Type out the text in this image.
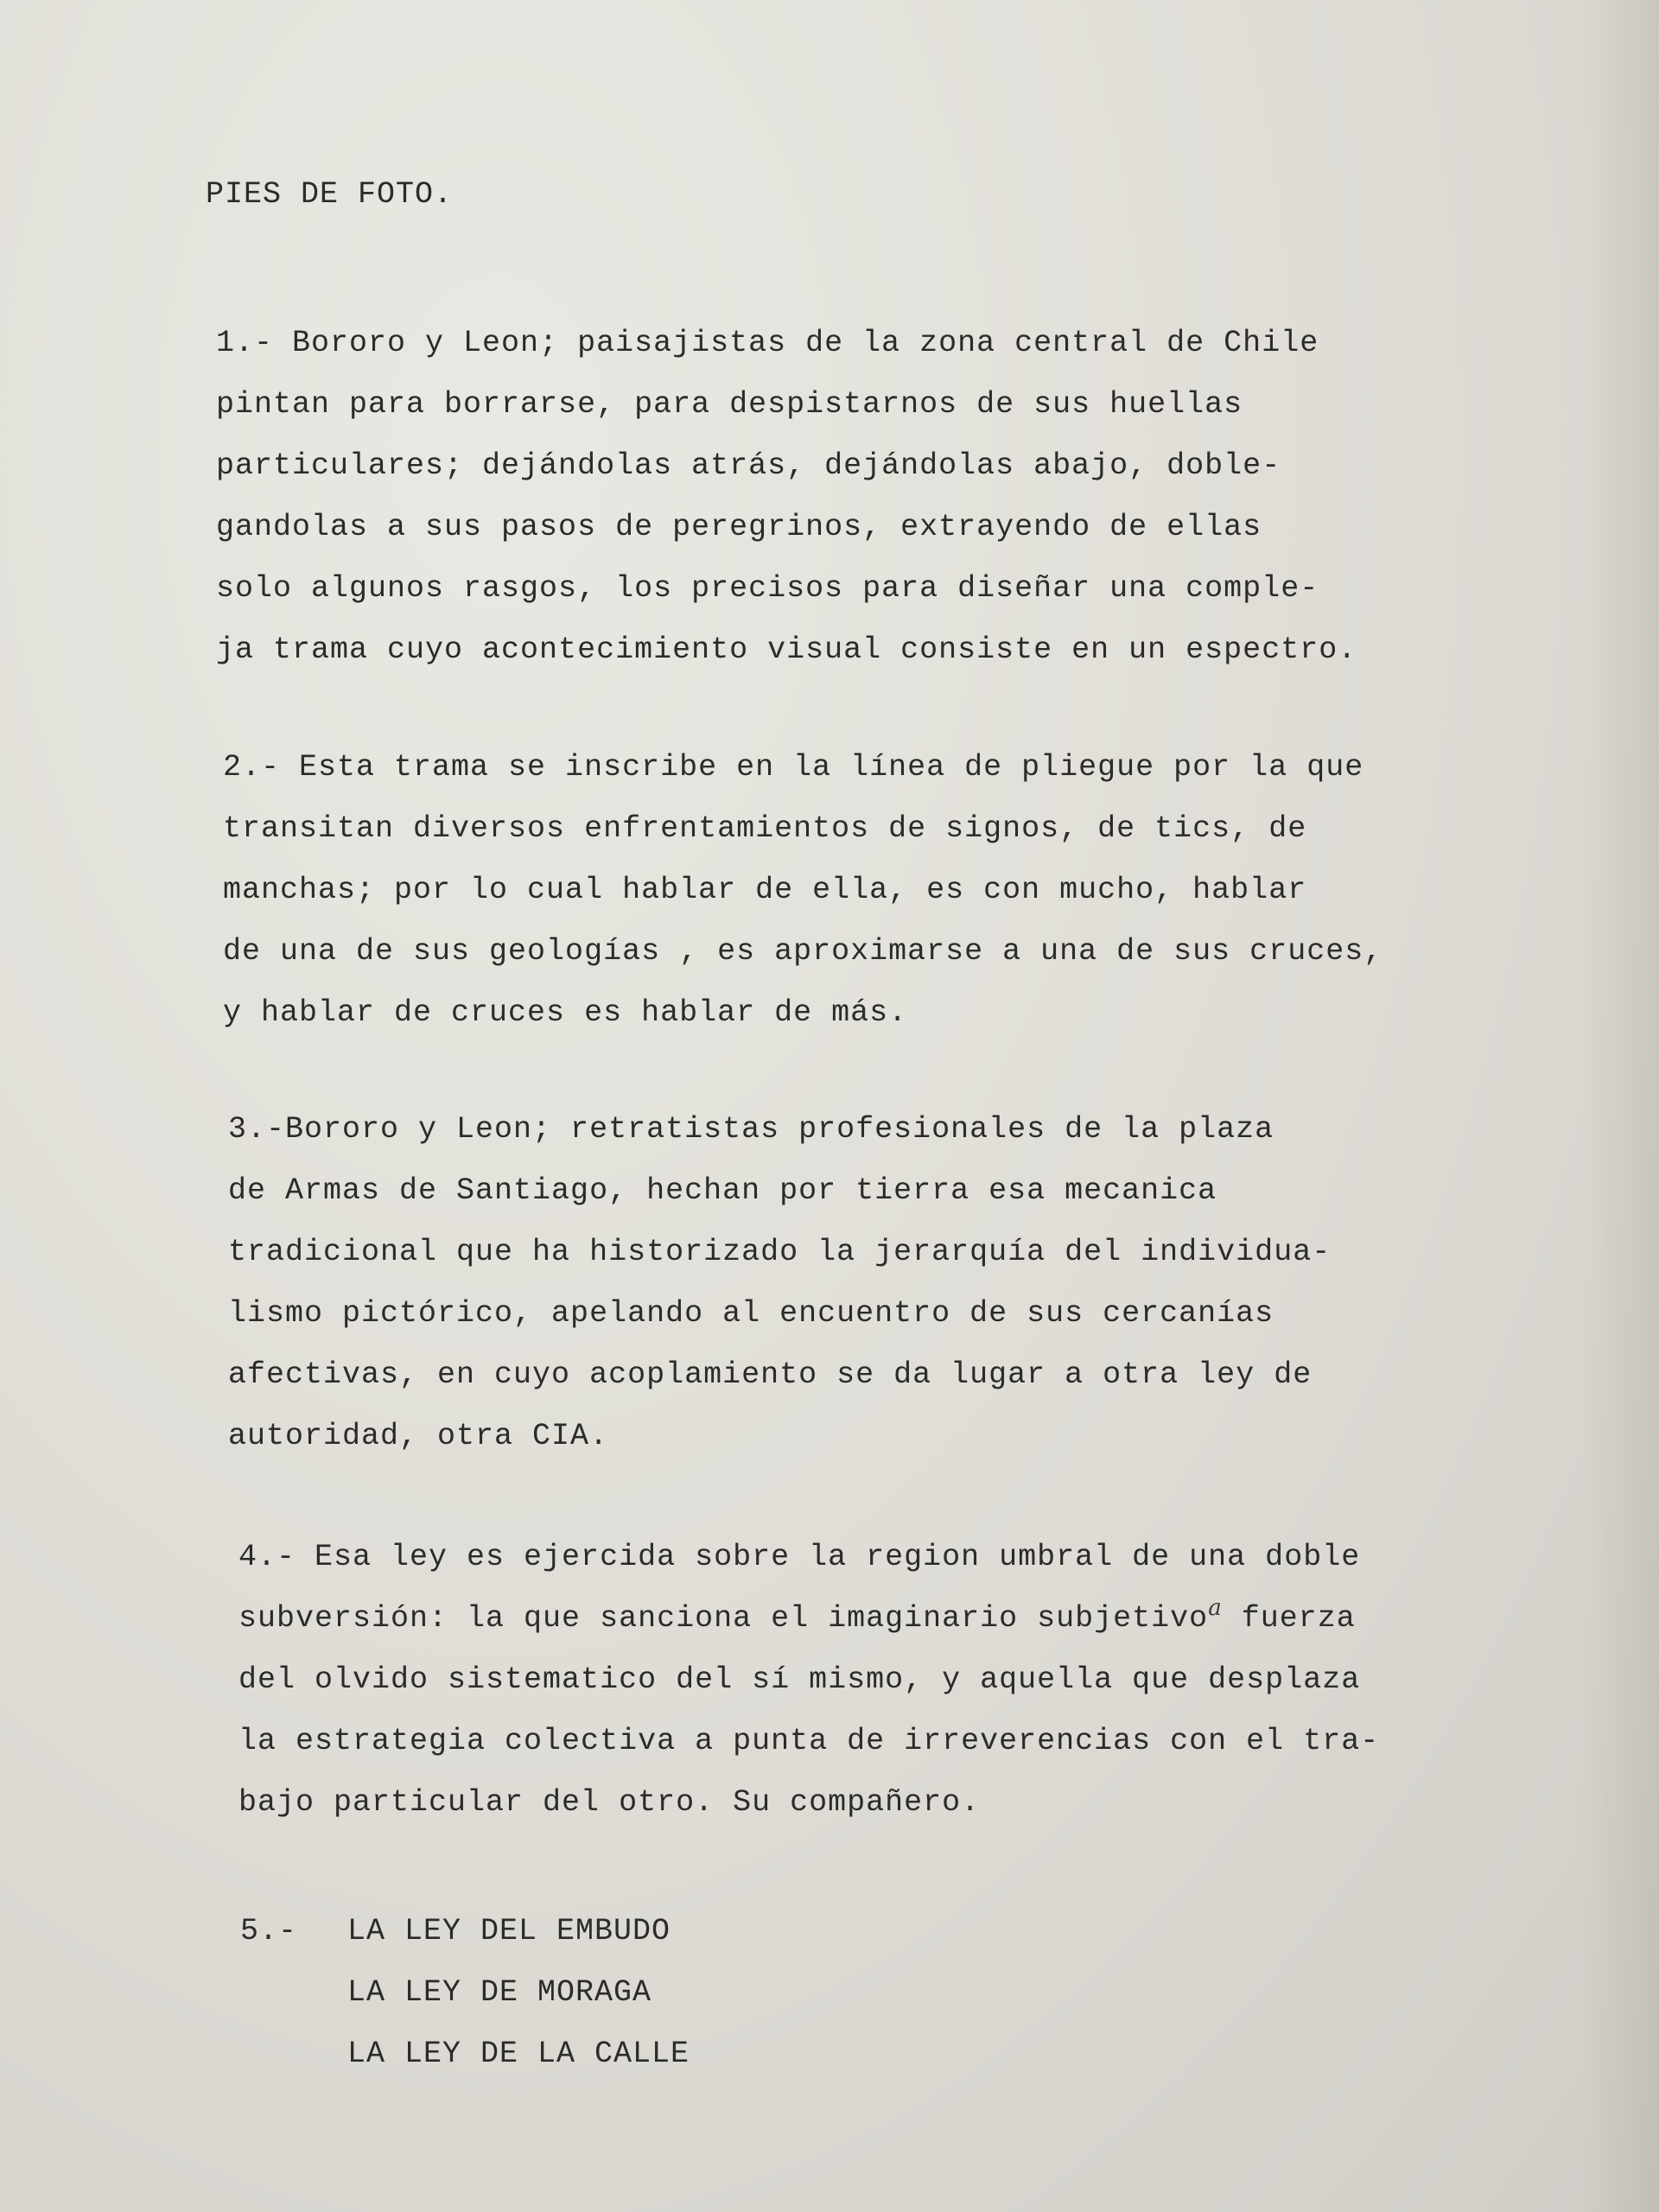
PIES DE FOTO.

1.- Bororo y Leon; paisajistas de la zona central de Chile
pintan para borrarse, para despistarnos de sus huellas
particulares; dejándolas atrás, dejándolas abajo, doble-
gandolas a sus pasos de peregrinos, extrayendo de ellas
solo algunos rasgos, los precisos para diseñar una comple-
ja trama cuyo acontecimiento visual consiste en un espectro.
2.- Esta trama se inscribe en la línea de pliegue por la que
transitan diversos enfrentamientos de signos, de tics, de
manchas; por lo cual hablar de ella, es con mucho, hablar
de una de sus geologías , es aproximarse a una de sus cruces,
y hablar de cruces es hablar de más.
3.-Bororo y Leon; retratistas profesionales de la plaza
de Armas de Santiago, hechan por tierra esa mecanica
tradicional que ha historizado la jerarquía del individua-
lismo pictórico, apelando al encuentro de sus cercanías
afectivas, en cuyo acoplamiento se da lugar a otra ley de
autoridad, otra CIA.
4.- Esa ley es ejercida sobre la region umbral de una doble
subversión: la que sanciona el imaginario subjetivoa fuerza
del olvido sistematico del sí mismo, y aquella que desplaza
la estrategia colectiva a punta de irreverencias con el tra-
bajo particular del otro. Su compañero.
5.- LA LEY DEL EMBUDO
LA LEY DE MORAGA
LA LEY DE LA CALLE
